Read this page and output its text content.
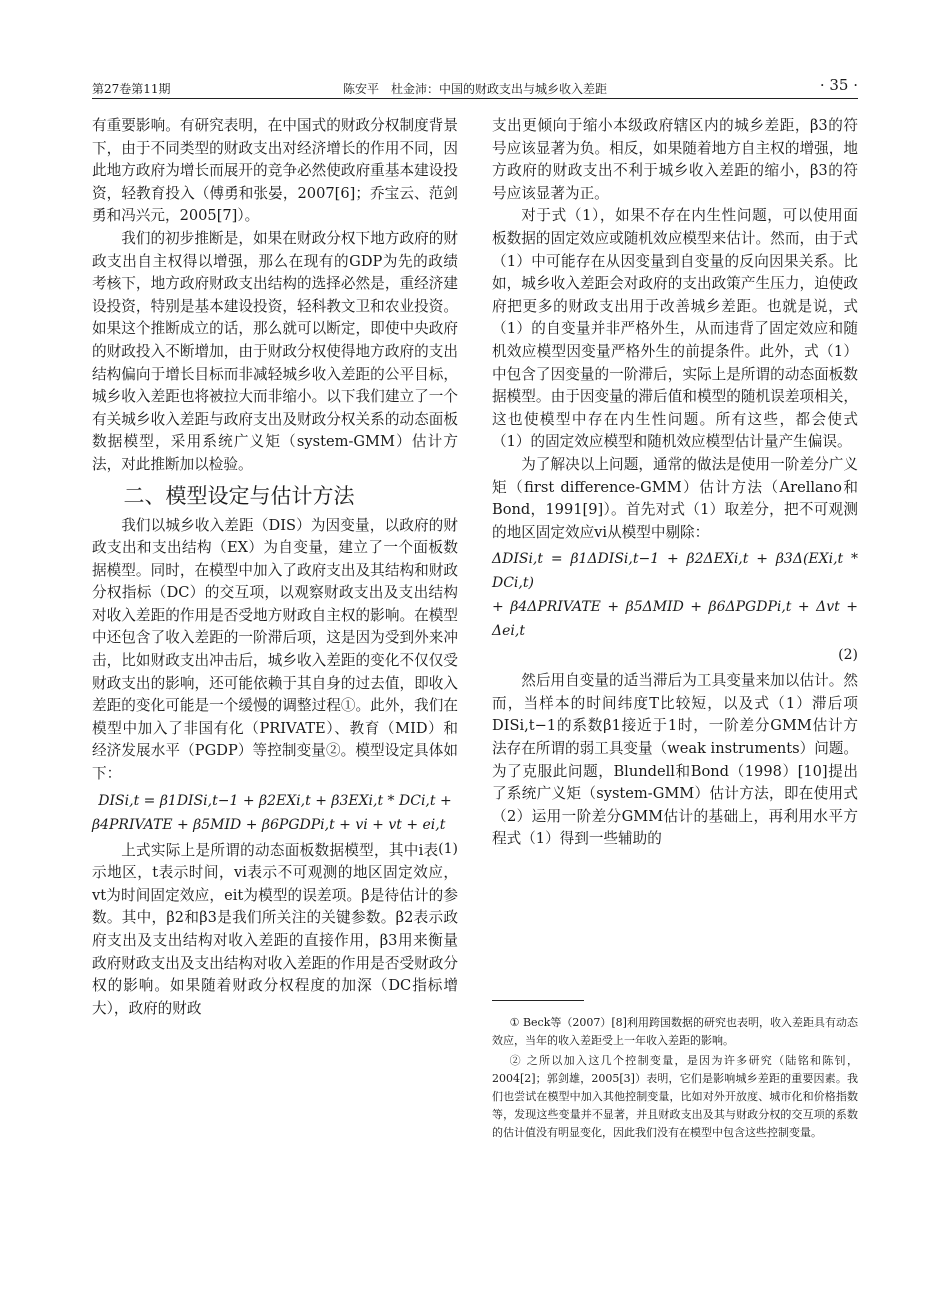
第27卷第11期	陈安平　杜金沛：中国的财政支出与城乡收入差距	· 35 ·

有重要影响。有研究表明，在中国式的财政分权制度背景下，由于不同类型的财政支出对经济增长的作用不同，因此地方政府为增长而展开的竞争必然使政府重基本建设投资，轻教育投入（傅勇和张晏，2007[6]；乔宝云、范剑勇和冯兴元，2005[7]）。

我们的初步推断是，如果在财政分权下地方政府的财政支出自主权得以增强，那么在现有的GDP为先的政绩考核下，地方政府财政支出结构的选择必然是，重经济建设投资，特别是基本建设投资，轻科教文卫和农业投资。如果这个推断成立的话，那么就可以断定，即使中央政府的财政投入不断增加，由于财政分权使得地方政府的支出结构偏向于增长目标而非减轻城乡收入差距的公平目标，城乡收入差距也将被拉大而非缩小。以下我们建立了一个有关城乡收入差距与政府支出及财政分权关系的动态面板数据模型，采用系统广义矩（system-GMM）估计方法，对此推断加以检验。

二、模型设定与估计方法

我们以城乡收入差距（DIS）为因变量，以政府的财政支出和支出结构（EX）为自变量，建立了一个面板数据模型。同时，在模型中加入了政府支出及其结构和财政分权指标（DC）的交互项，以观察财政支出及支出结构对收入差距的作用是否受地方财政自主权的影响。在模型中还包含了收入差距的一阶滞后项，这是因为受到外来冲击，比如财政支出冲击后，城乡收入差距的变化不仅仅受财政支出的影响，还可能依赖于其自身的过去值，即收入差距的变化可能是一个缓慢的调整过程①。此外，我们在模型中加入了非国有化（PRIVATE）、教育（MID）和经济发展水平（PGDP）等控制变量②。模型设定具体如下：

DISi,t = β1DISi,t−1 + β2EXi,t + β3EXi,t * DCi,t +
β4PRIVATE + β5MID + β6PGDPi,t + vi + vt + ei,t
(1)

上式实际上是所谓的动态面板数据模型，其中i表示地区，t表示时间，vi表示不可观测的地区固定效应，vt为时间固定效应，eit为模型的误差项。β是待估计的参数。其中，β2和β3是我们所关注的关键参数。β2表示政府支出及支出结构对收入差距的直接作用，β3用来衡量政府财政支出及支出结构对收入差距的作用是否受财政分权的影响。如果随着财政分权程度的加深（DC指标增大），政府的财政

支出更倾向于缩小本级政府辖区内的城乡差距，β3的符号应该显著为负。相反，如果随着地方自主权的增强，地方政府的财政支出不利于城乡收入差距的缩小，β3的符号应该显著为正。

对于式（1），如果不存在内生性问题，可以使用面板数据的固定效应或随机效应模型来估计。然而，由于式（1）中可能存在从因变量到自变量的反向因果关系。比如，城乡收入差距会对政府的支出政策产生压力，迫使政府把更多的财政支出用于改善城乡差距。也就是说，式（1）的自变量并非严格外生，从而违背了固定效应和随机效应模型因变量严格外生的前提条件。此外，式（1）中包含了因变量的一阶滞后，实际上是所谓的动态面板数据模型。由于因变量的滞后值和模型的随机误差项相关，这也使模型中存在内生性问题。所有这些，都会使式（1）的固定效应模型和随机效应模型估计量产生偏误。

为了解决以上问题，通常的做法是使用一阶差分广义矩（first difference-GMM）估计方法（Arellano和Bond，1991[9]）。首先对式（1）取差分，把不可观测的地区固定效应vi从模型中剔除：

ΔDISi,t = β1ΔDISi,t−1 + β2ΔEXi,t + β3Δ(EXi,t * DCi,t)
+ β4ΔPRIVATE + β5ΔMID + β6ΔPGDPi,t + Δvt + Δei,t
(2)

然后用自变量的适当滞后为工具变量来加以估计。然而，当样本的时间纬度T比较短，以及式（1）滞后项DISi,t−1的系数β1接近于1时，一阶差分GMM估计方法存在所谓的弱工具变量（weak instruments）问题。为了克服此问题，Blundell和Bond（1998）[10]提出了系统广义矩（system-GMM）估计方法，即在使用式（2）运用一阶差分GMM估计的基础上，再利用水平方程式（1）得到一些辅助的

① Beck等（2007）[8]利用跨国数据的研究也表明，收入差距具有动态效应，当年的收入差距受上一年收入差距的影响。

② 之所以加入这几个控制变量，是因为许多研究（陆铭和陈钊，2004[2]；郭剑雄，2005[3]）表明，它们是影响城乡差距的重要因素。我们也尝试在模型中加入其他控制变量，比如对外开放度、城市化和价格指数等，发现这些变量并不显著，并且财政支出及其与财政分权的交互项的系数的估计值没有明显变化，因此我们没有在模型中包含这些控制变量。
